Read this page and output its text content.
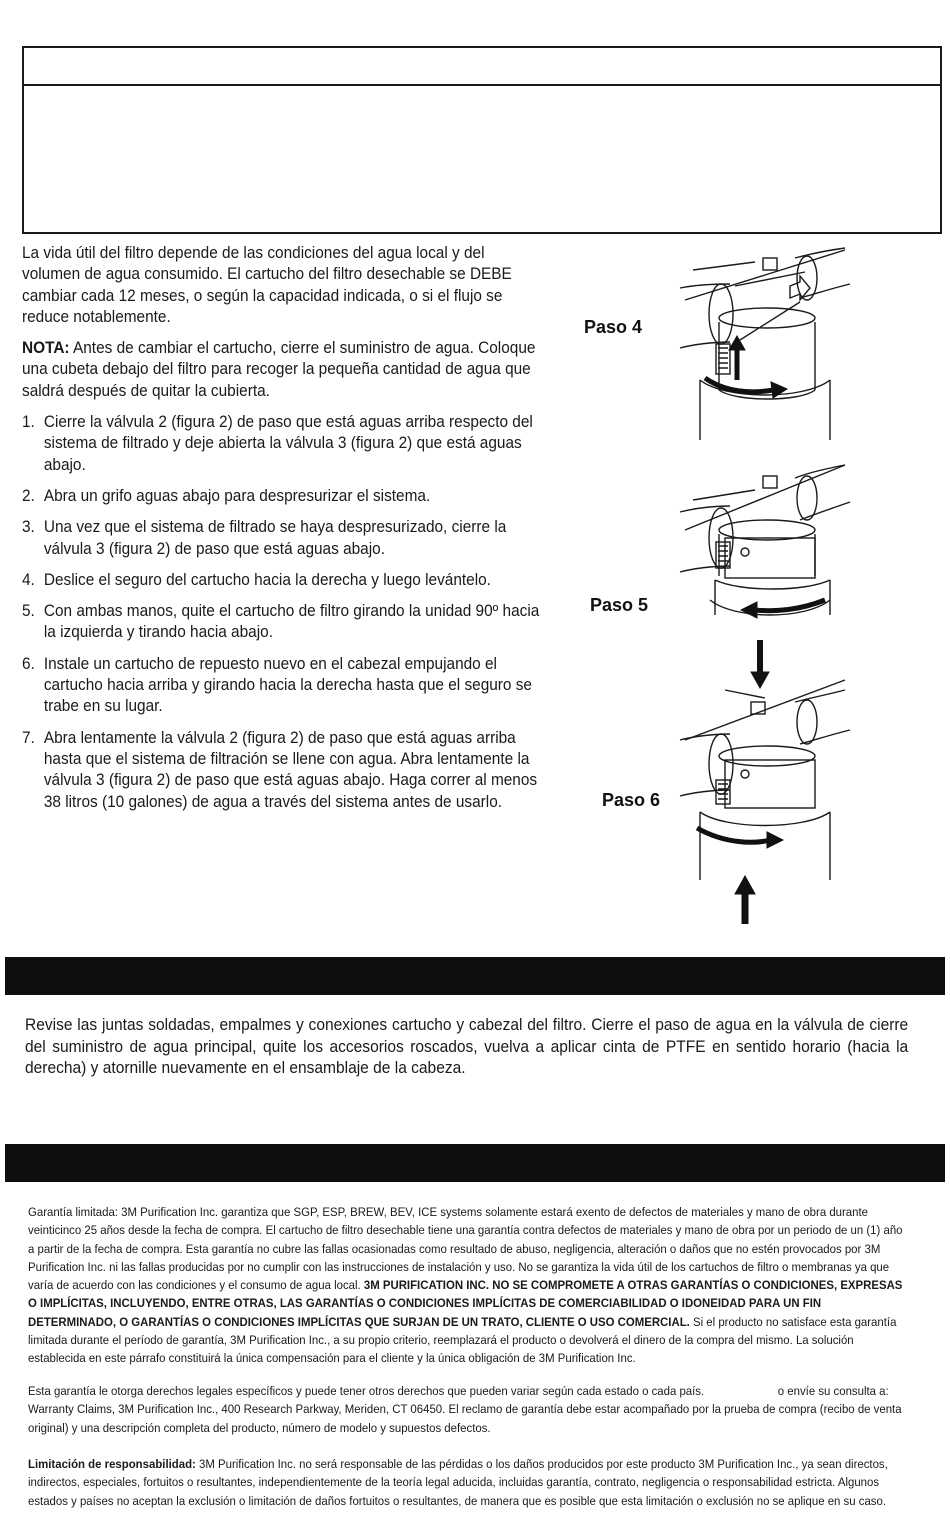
La vida útil del filtro depende de las condiciones del agua local y del volumen de agua consumido. El cartucho del filtro desechable se DEBE cambiar cada 12 meses, o según la capacidad indicada, o si el flujo se reduce notablemente.

NOTA: Antes de cambiar el cartucho, cierre el suministro de agua. Coloque una cubeta debajo del filtro para recoger la pequeña cantidad de agua que saldrá después de quitar la cubierta.

1. Cierre la válvula 2 (figura 2) de paso que está aguas arriba respecto del sistema de filtrado y deje abierta la válvula 3 (figura 2) que está aguas abajo.
2. Abra un grifo aguas abajo para despresurizar el sistema.
3. Una vez que el sistema de filtrado se haya despresurizado, cierre la válvula 3 (figura 2) de paso que está aguas abajo.
4. Deslice el seguro del cartucho hacia la derecha y luego levántelo.
5. Con ambas manos, quite el cartucho de filtro girando la unidad 90º hacia la izquierda y tirando hacia abajo.
6. Instale un cartucho de repuesto nuevo en el cabezal empujando el cartucho hacia arriba y girando hacia la derecha hasta que el seguro se trabe en su lugar.
7. Abra lentamente la válvula 2 (figura 2) de paso que está aguas arriba hasta que el sistema de filtración se llene con agua. Abra lentamente la válvula 3 (figura 2) de paso que está aguas abajo. Haga correr al menos 38 litros (10 galones) de agua a través del sistema antes de usarlo.
Paso 4
Paso 5
Paso 6

Revise las juntas soldadas, empalmes y conexiones cartucho y cabezal del filtro. Cierre el paso de agua en la válvula de cierre del suministro de agua principal, quite los accesorios roscados, vuelva a aplicar cinta de PTFE en sentido horario (hacia la derecha) y atornille nuevamente en el ensamblaje de la cabeza.

Garantía limitada: 3M Purification Inc. garantiza que SGP, ESP, BREW, BEV, ICE systems solamente estará exento de defectos de materiales y mano de obra durante veinticinco 25 años desde la fecha de compra. El cartucho de filtro desechable tiene una garantía contra defectos de materiales y mano de obra por un periodo de un (1) año a partir de la fecha de compra. Esta garantía no cubre las fallas ocasionadas como resultado de abuso, negligencia, alteración o daños que no estén provocados por 3M Purification Inc. ni las fallas producidas por no cumplir con las instrucciones de instalación y uso. No se garantiza la vida útil de los cartuchos de filtro o membranas ya que varía de acuerdo con las condiciones y el consumo de agua local. 3M PURIFICATION INC. NO SE COMPROMETE A OTRAS GARANTÍAS O CONDICIONES, EXPRESAS O IMPLÍCITAS, INCLUYENDO, ENTRE OTRAS, LAS GARANTÍAS O CONDICIONES IMPLÍCITAS DE COMERCIABILIDAD O IDONEIDAD PARA UN FIN DETERMINADO, O GARANTÍAS O CONDICIONES IMPLÍCITAS QUE SURJAN DE UN TRATO, CLIENTE O USO COMERCIAL. Si el producto no satisface esta garantía limitada durante el período de garantía, 3M Purification Inc., a su propio criterio, reemplazará el producto o devolverá el dinero de la compra del mismo. La solución establecida en este párrafo constituirá la única compensación para el cliente y la única obligación de 3M Purification Inc.

Esta garantía le otorga derechos legales específicos y puede tener otros derechos que pueden variar según cada estado o cada país.	o envíe su consulta a: Warranty Claims, 3M Purification Inc., 400 Research Parkway, Meriden, CT 06450. El reclamo de garantía debe estar acompañado por la prueba de compra (recibo de venta original) y una descripción completa del producto, número de modelo y supuestos defectos.

Limitación de responsabilidad: 3M Purification Inc. no será responsable de las pérdidas o los daños producidos por este producto 3M Purification Inc., ya sean directos, indirectos, especiales, fortuitos o resultantes, independientemente de la teoría legal aducida, incluidas garantía, contrato, negligencia o responsabilidad estricta. Algunos estados y países no aceptan la exclusión o limitación de daños fortuitos o resultantes, de manera que es posible que esta limitación o exclusión no se aplique en su caso.
